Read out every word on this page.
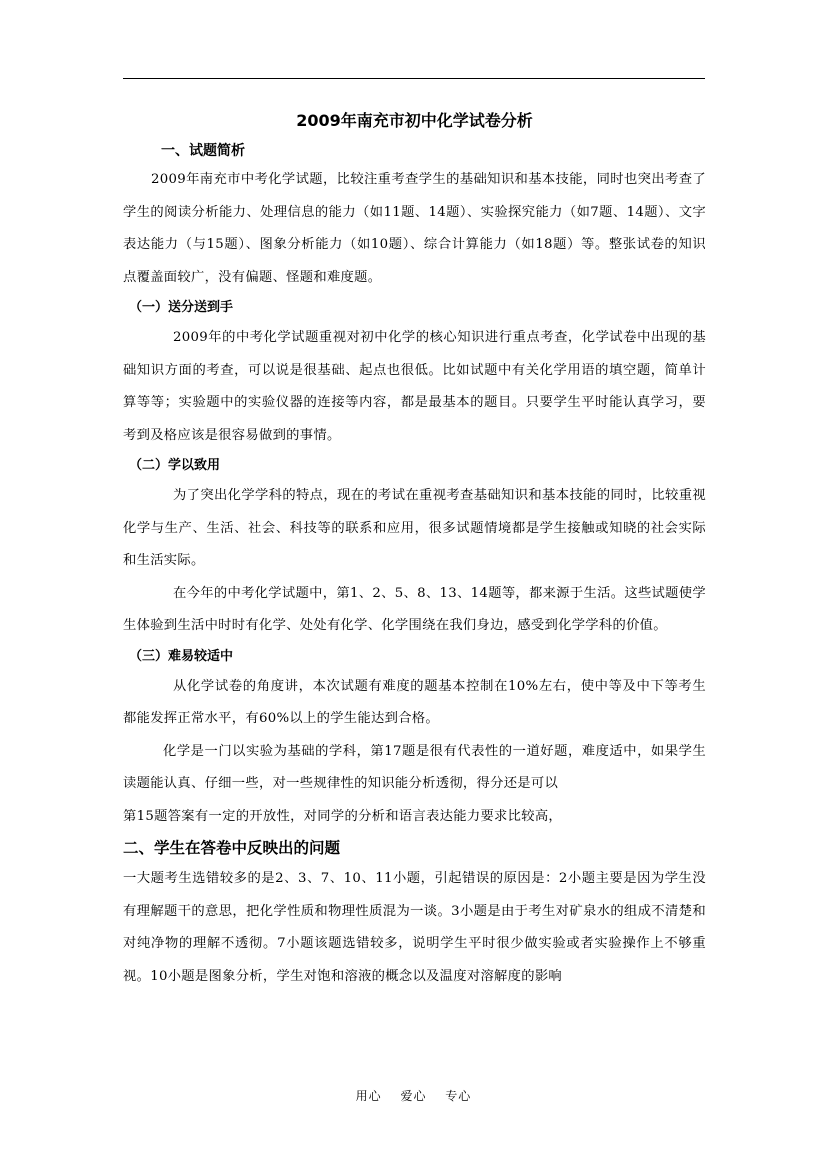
2009年南充市初中化学试卷分析
一、试题简析

2009年南充市中考化学试题，比较注重考查学生的基础知识和基本技能，同时也突出考查了学生的阅读分析能力、处理信息的能力（如11题、14题）、实验探究能力（如7题、14题）、文字表达能力（与15题）、图象分析能力（如10题）、综合计算能力（如18题）等。整张试卷的知识点覆盖面较广，没有偏题、怪题和难度题。

（一）送分送到手

2009年的中考化学试题重视对初中化学的核心知识进行重点考查，化学试卷中出现的基础知识方面的考查，可以说是很基础、起点也很低。比如试题中有关化学用语的填空题，简单计算等等；实验题中的实验仪器的连接等内容，都是最基本的题目。只要学生平时能认真学习，要考到及格应该是很容易做到的事情。

（二）学以致用

为了突出化学学科的特点，现在的考试在重视考查基础知识和基本技能的同时，比较重视化学与生产、生活、社会、科技等的联系和应用，很多试题情境都是学生接触或知晓的社会实际和生活实际。

在今年的中考化学试题中，第1、2、5、8、13、14题等，都来源于生活。这些试题使学生体验到生活中时时有化学、处处有化学、化学围绕在我们身边，感受到化学学科的价值。

（三）难易较适中

从化学试卷的角度讲，本次试题有难度的题基本控制在10%左右，使中等及中下等考生都能发挥正常水平，有60%以上的学生能达到合格。

化学是一门以实验为基础的学科，第17题是很有代表性的一道好题，难度适中，如果学生读题能认真、仔细一些，对一些规律性的知识能分析透彻，得分还是可以

第15题答案有一定的开放性，对同学的分析和语言表达能力要求比较高，

二、学生在答卷中反映出的问题

一大题考生选错较多的是2、3、7、10、11小题，引起错误的原因是：2小题主要是因为学生没有理解题干的意思，把化学性质和物理性质混为一谈。3小题是由于考生对矿泉水的组成不清楚和对纯净物的理解不透彻。7小题该题选错较多，说明学生平时很少做实验或者实验操作上不够重视。10小题是图象分析，学生对饱和溶液的概念以及温度对溶解度的影响

用心 爱心 专心
